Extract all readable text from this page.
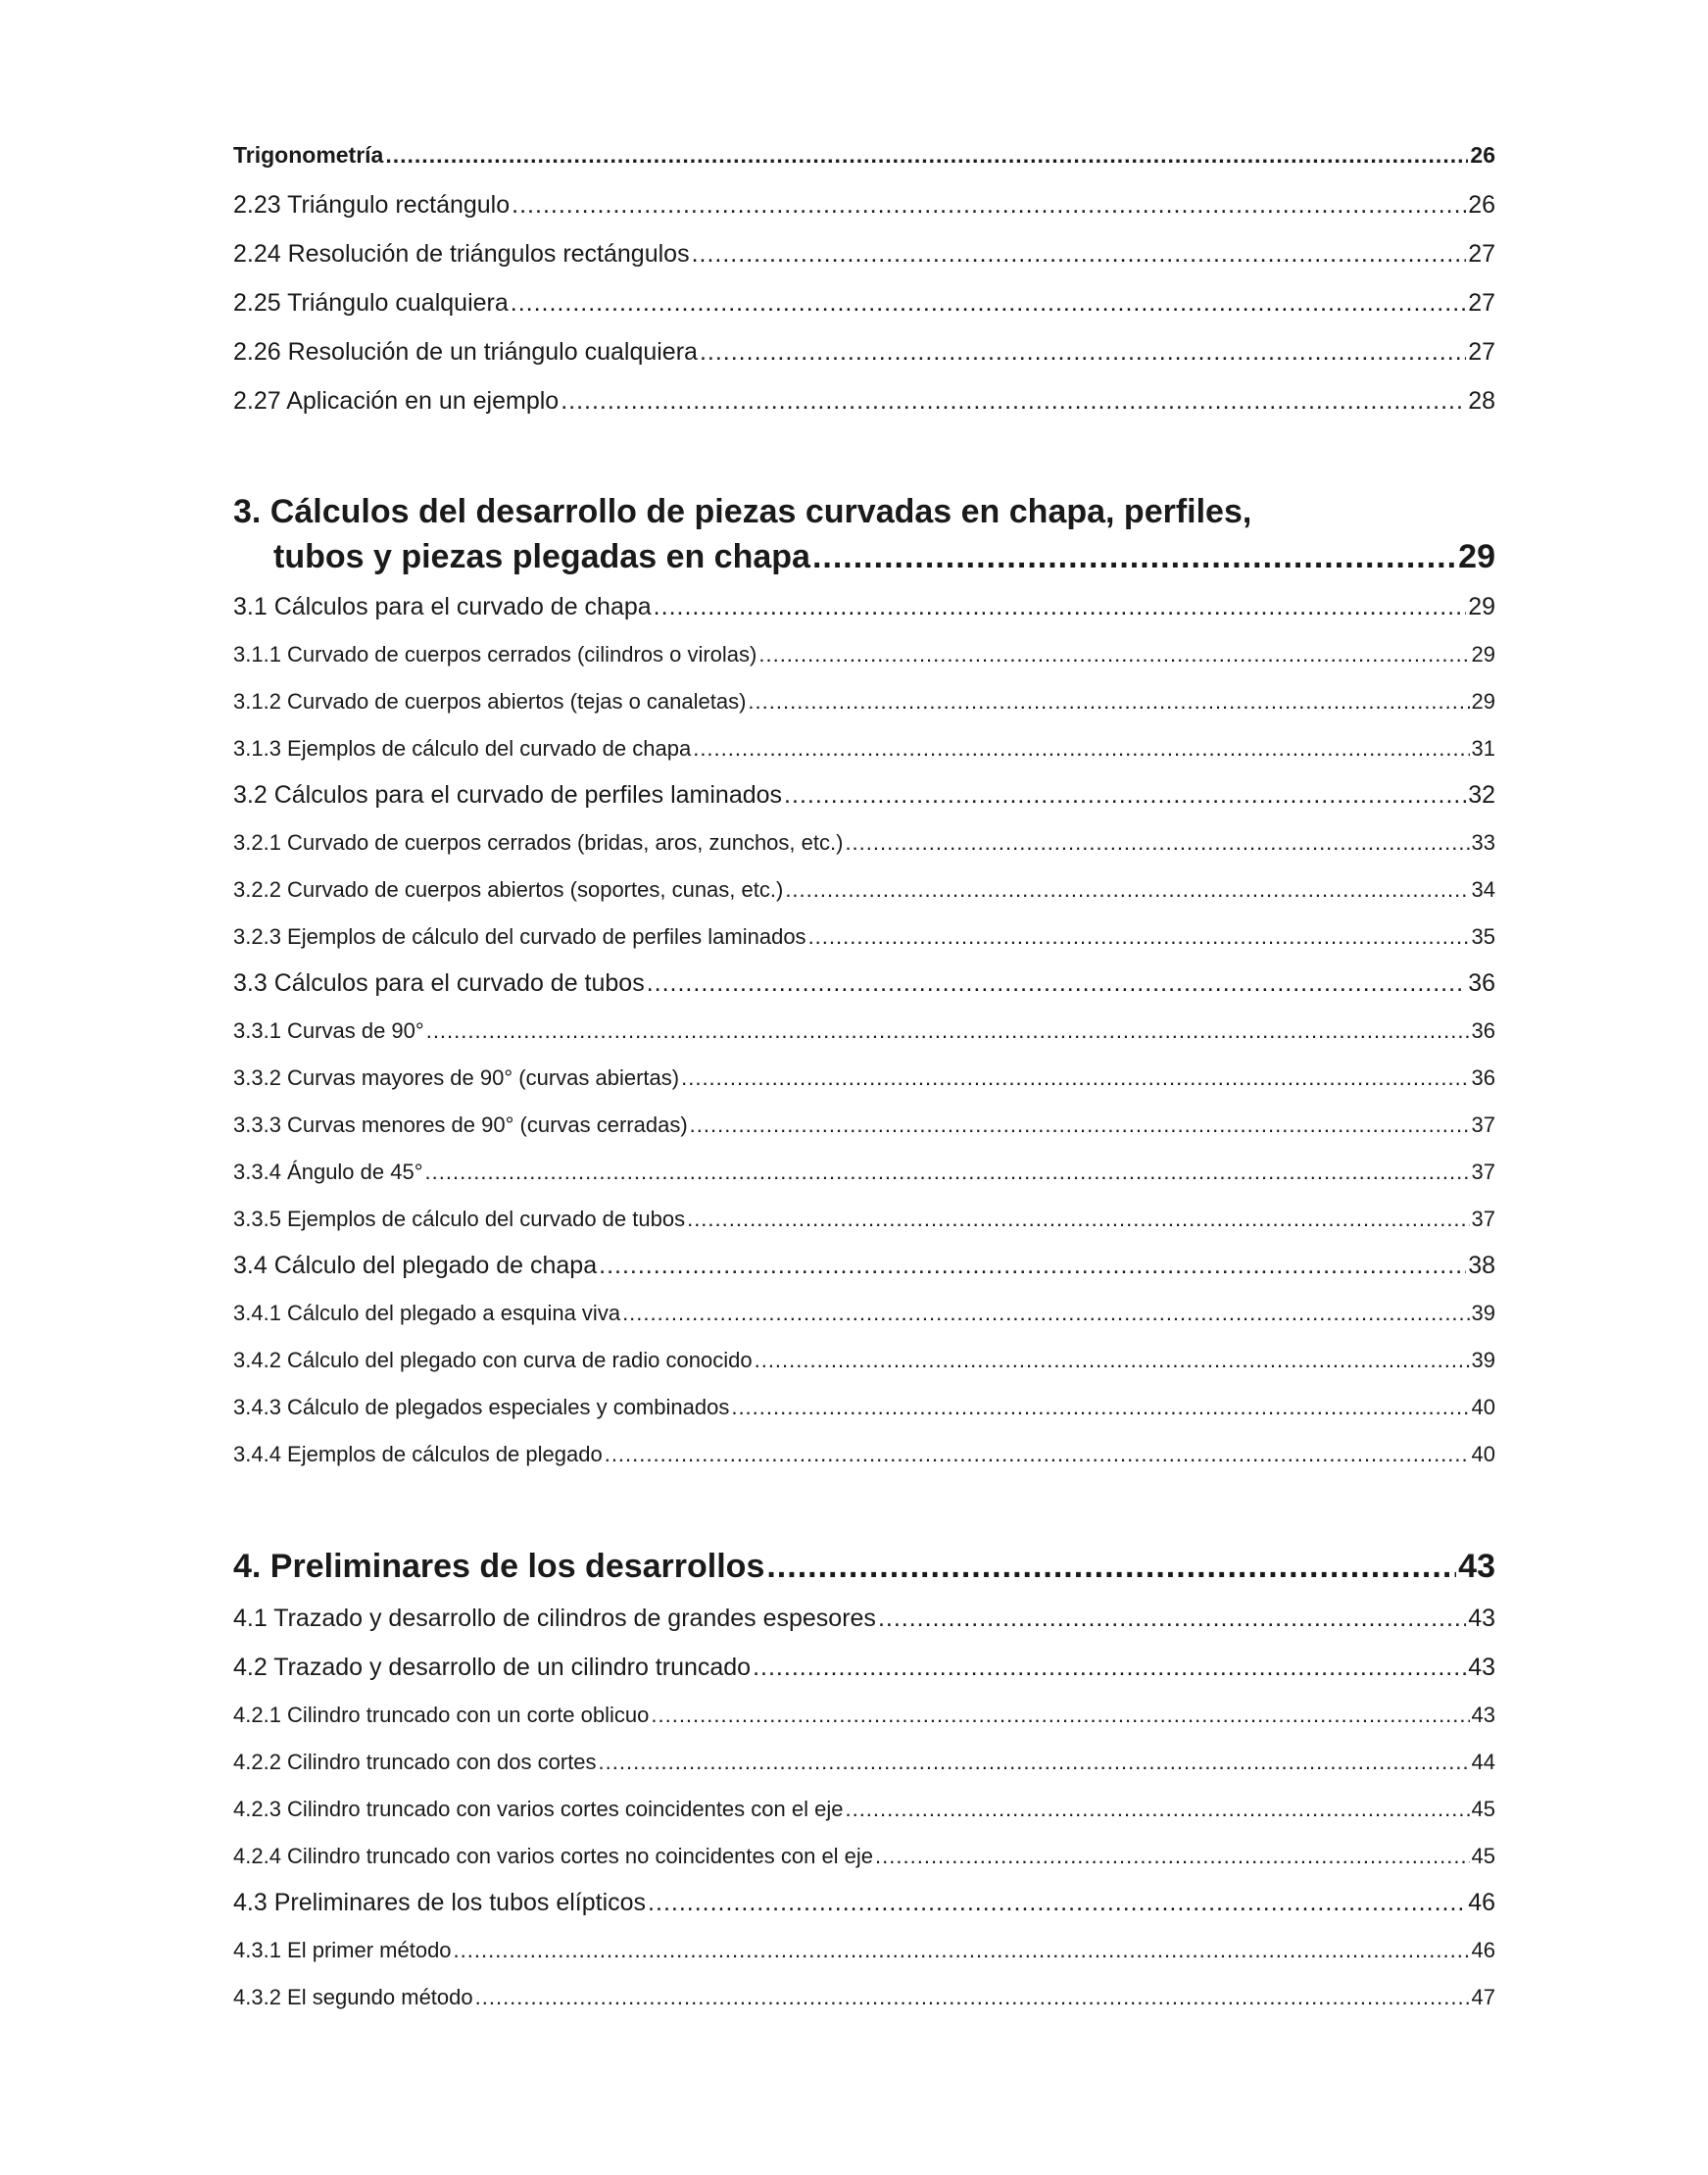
Trigonometría .....	26
2.23 Triángulo rectángulo .....	26
2.24 Resolución de triángulos rectángulos .....	27
2.25 Triángulo cualquiera .....	27
2.26 Resolución de un triángulo cualquiera .....	27
2.27 Aplicación en un ejemplo .....	28
3. Cálculos del desarrollo de piezas curvadas en chapa, perfiles,
tubos y piezas plegadas en chapa .....	29
3.1 Cálculos para el curvado de chapa .....	29
3.1.1 Curvado de cuerpos cerrados (cilindros o virolas) .....	29
3.1.2 Curvado de cuerpos abiertos (tejas o canaletas) .....	29
3.1.3 Ejemplos de cálculo del curvado de chapa .....	31
3.2 Cálculos para el curvado de perfiles laminados .....	32
3.2.1 Curvado de cuerpos cerrados (bridas, aros, zunchos, etc.) .....	33
3.2.2 Curvado de cuerpos abiertos (soportes, cunas, etc.) .....	34
3.2.3 Ejemplos de cálculo del curvado de perfiles laminados .....	35
3.3 Cálculos para el curvado de tubos .....	36
3.3.1 Curvas de 90° .....	36
3.3.2 Curvas mayores de 90° (curvas abiertas) .....	36
3.3.3 Curvas menores de 90° (curvas cerradas) .....	37
3.3.4 Ángulo de 45° .....	37
3.3.5 Ejemplos de cálculo del curvado de tubos .....	37
3.4 Cálculo del plegado de chapa .....	38
3.4.1 Cálculo del plegado a esquina viva .....	39
3.4.2 Cálculo del plegado con curva de radio conocido .....	39
3.4.3 Cálculo de plegados especiales y combinados .....	40
3.4.4 Ejemplos de cálculos de plegado .....	40
4. Preliminares de los desarrollos .....	43
4.1 Trazado y desarrollo de cilindros de grandes espesores .....	43
4.2 Trazado y desarrollo de un cilindro truncado .....	43
4.2.1 Cilindro truncado con un corte oblicuo .....	43
4.2.2 Cilindro truncado con dos cortes .....	44
4.2.3 Cilindro truncado con varios cortes coincidentes con el eje .....	45
4.2.4 Cilindro truncado con varios cortes no coincidentes con el eje .....	45
4.3 Preliminares de los tubos elípticos .....	46
4.3.1 El primer método .....	46
4.3.2 El segundo método .....	47
